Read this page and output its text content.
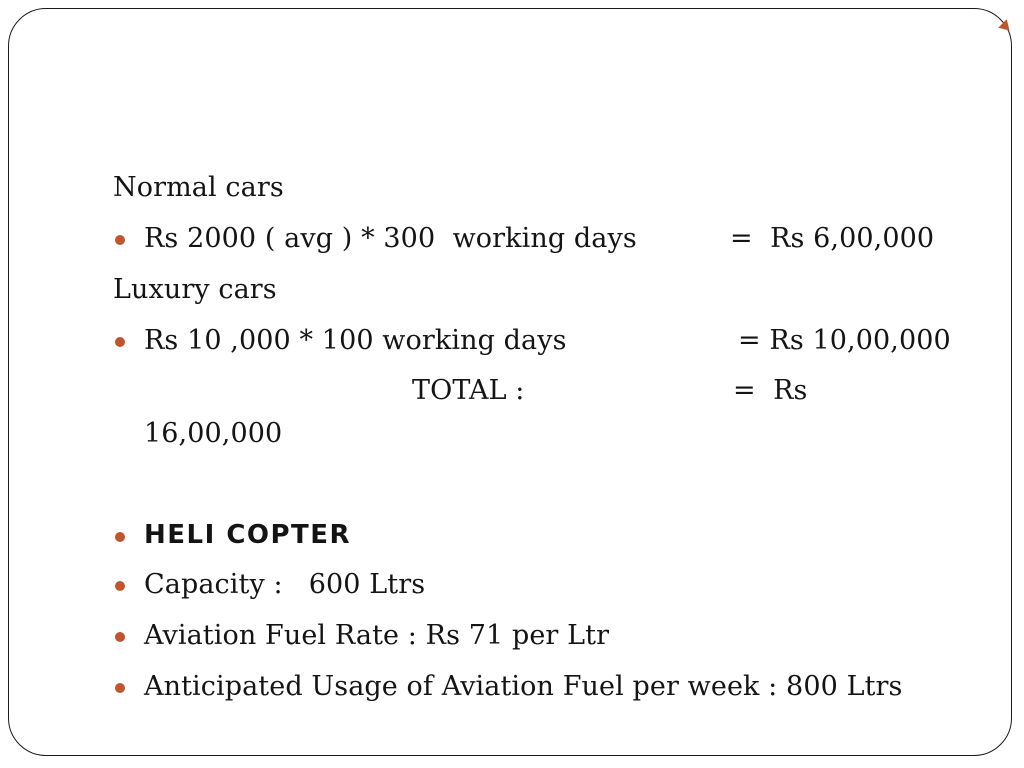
Normal cars
Rs 2000 ( avg ) * 300  working days	=  Rs 6,00,000
Luxury cars
Rs 10 ,000 * 100 working days	= Rs 10,00,000
TOTAL :	=  Rs
16,00,000
HELI COPTER
Capacity :   600 Ltrs
Aviation Fuel Rate : Rs 71 per Ltr
Anticipated Usage of Aviation Fuel per week : 800 Ltrs
